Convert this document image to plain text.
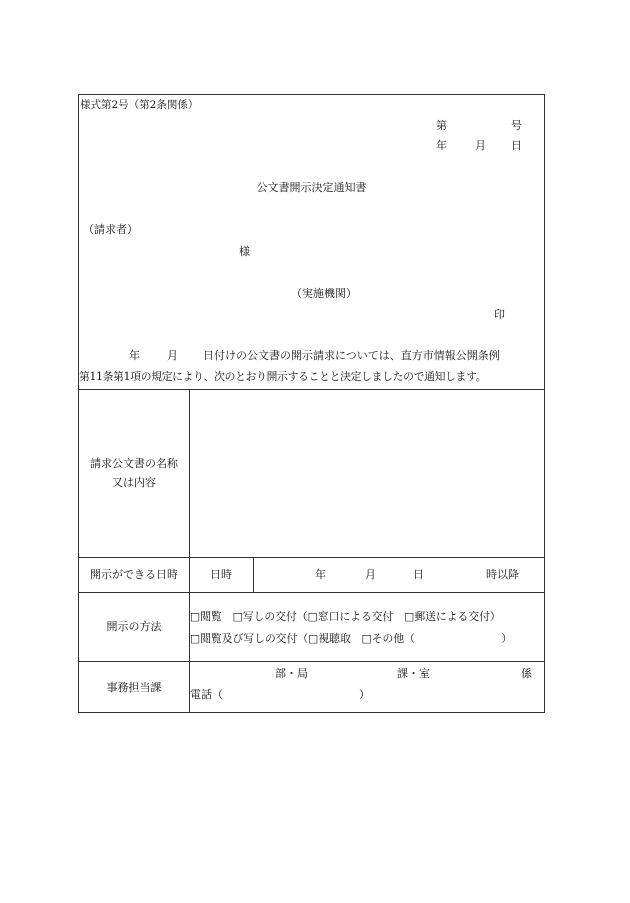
様式第2号（第2条関係）
第	号
年	月 日
公文書開示決定通知書
（請求者）
様
（実施機関）
印
年 月 日付けの公文書の開示請求については、直方市情報公開条例
第11条第1項の規定により、次のとおり開示することと決定しましたので通知します。
請求公文書の名称
又は内容
開示ができる日時	日時	年	月	日	時以降
開示の方法
□閲覧　□写しの交付（□窓口による交付　□郵送による交付）
□閲覧及び写しの交付（□視聴取　□その他（　　　　　　　　）
事務担当課
部・局	課・室	係
電話（	）
